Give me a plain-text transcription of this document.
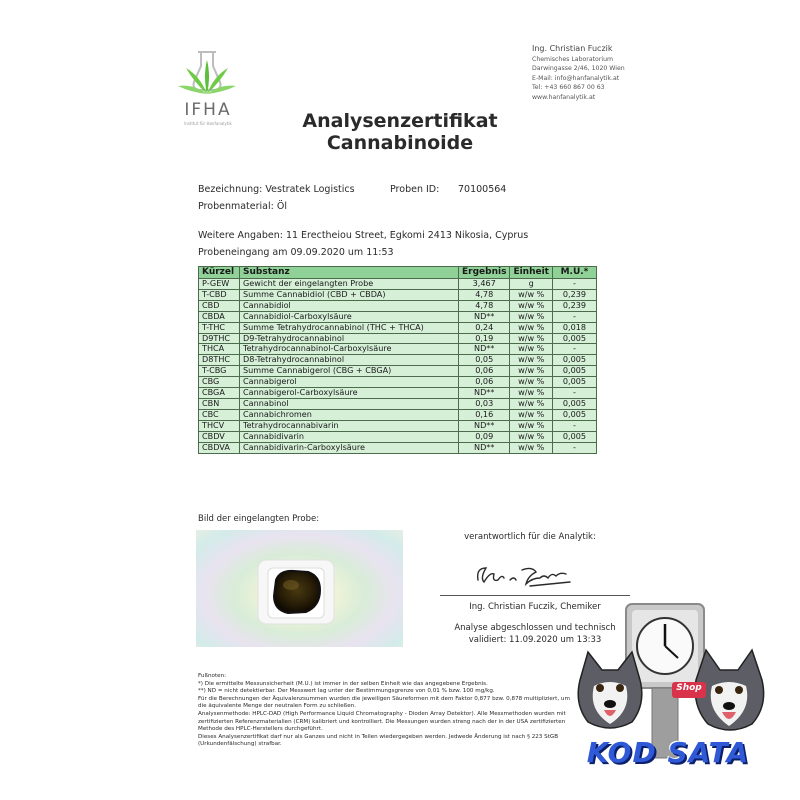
IFHA
Institut für Hanfanalytik
Ing. Christian Fuczik
Chemisches Laboratorium
Darwingasse 2/46, 1020 Wien
E-Mail: info@hanfanalytik.at
Tel: +43 660 867 00 63
www.hanfanalytik.at
Analysenzertifikat
Cannabinoide
Bezeichnung: Vestratek Logistics	Proben ID: 70100564
Probenmaterial: Öl
Weitere Angaben: 11 Erectheiou Street, Egkomi 2413 Nikosia, Cyprus
Probeneingang am 09.09.2020 um 11:53
Kürzel	Substanz	Ergebnis	Einheit	M.U.*
P-GEW	Gewicht der eingelangten Probe	3,467	g	-
T-CBD	Summe Cannabidiol (CBD + CBDA)	4,78	w/w %	0,239
CBD	Cannabidiol	4,78	w/w %	0,239
CBDA	Cannabidiol-Carboxylsäure	ND**	w/w %	-
T-THC	Summe Tetrahydrocannabinol (THC + THCA)	0,24	w/w %	0,018
D9THC	D9-Tetrahydrocannabinol	0,19	w/w %	0,005
THCA	Tetrahydrocannabinol-Carboxylsäure	ND**	w/w %	-
D8THC	D8-Tetrahydrocannabinol	0,05	w/w %	0,005
T-CBG	Summe Cannabigerol (CBG + CBGA)	0,06	w/w %	0,005
CBG	Cannabigerol	0,06	w/w %	0,005
CBGA	Cannabigerol-Carboxylsäure	ND**	w/w %	-
CBN	Cannabinol	0,03	w/w %	0,005
CBC	Cannabichromen	0,16	w/w %	0,005
THCV	Tetrahydrocannabivarin	ND**	w/w %	-
CBDV	Cannabidivarin	0,09	w/w %	0,005
CBDVA	Cannabidivarin-Carboxylsäure	ND**	w/w %	-
Bild der eingelangten Probe:
verantwortlich für die Analytik:
Ing. Christian Fuczik, Chemiker
Analyse abgeschlossen und technisch
validiert: 11.09.2020 um 13:33
Fußnoten:
*) Die ermittelte Messunsicherheit (M.U.) ist immer in der selben Einheit wie das angegebene Ergebnis.
**) ND = nicht detektierbar. Der Messwert lag unter der Bestimmungsgrenze von 0,01 % bzw. 100 mg/kg.
Für die Berechnungen der Äquivalenzsummen wurden die jeweiligen Säureformen mit dem Faktor 0,877 bzw. 0,878 multipliziert, um
die äquivalente Menge der neutralen Form zu schließen.
Analysenmethode: HPLC-DAD (High Performance Liquid Chromatography - Dioden Array Detektor). Alle Messmethoden wurden mit
zertifizierten Referenzmaterialien (CRM) kalibriert und kontrolliert. Die Messungen wurden streng nach der in der USA zertifizierten
Methode des HPLC-Herstellers durchgeführt.
Dieses Analysenzertifikat darf nur als Ganzes und nicht in Teilen wiedergegeben werden. Jedwede Änderung ist nach § 223 StGB
(Urkundenfälschung) strafbar.
Shop
KOD SATA
